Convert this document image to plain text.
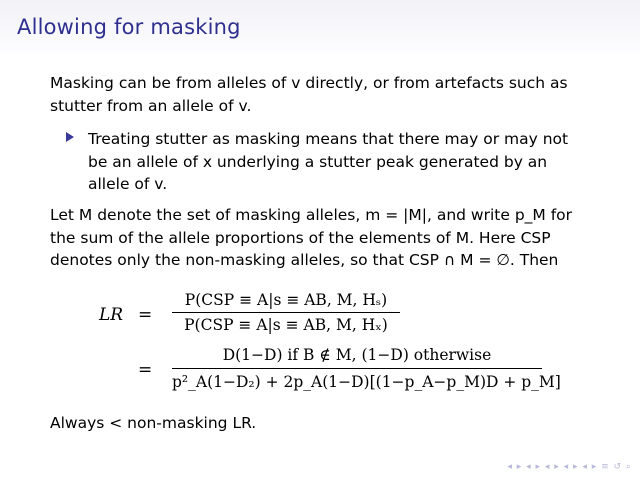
Allowing for masking
Masking can be from alleles of v directly, or from artefacts such as
stutter from an allele of v.
Treating stutter as masking means that there may or may not
be an allele of x underlying a stutter peak generated by an
allele of v.
Let M denote the set of masking alleles, m = |M|, and write p_M for
the sum of the allele proportions of the elements of M. Here CSP
denotes only the non-masking alleles, so that CSP ∩ M = ∅. Then
LR =
P(CSP ≡ A|s ≡ AB, M, Hₛ)
P(CSP ≡ A|s ≡ AB, M, Hₓ)
=
D(1−D) if B ∉ M, (1−D) otherwise
p²_A(1−D₂) + 2p_A(1−D)[(1−p_A−p_M)D + p_M]
Always < non-masking LR.
◂ ▸ ◂ ▸ ◂ ▸ ◂ ▸ ◂ ▸ ≡ ↺ ⌕
